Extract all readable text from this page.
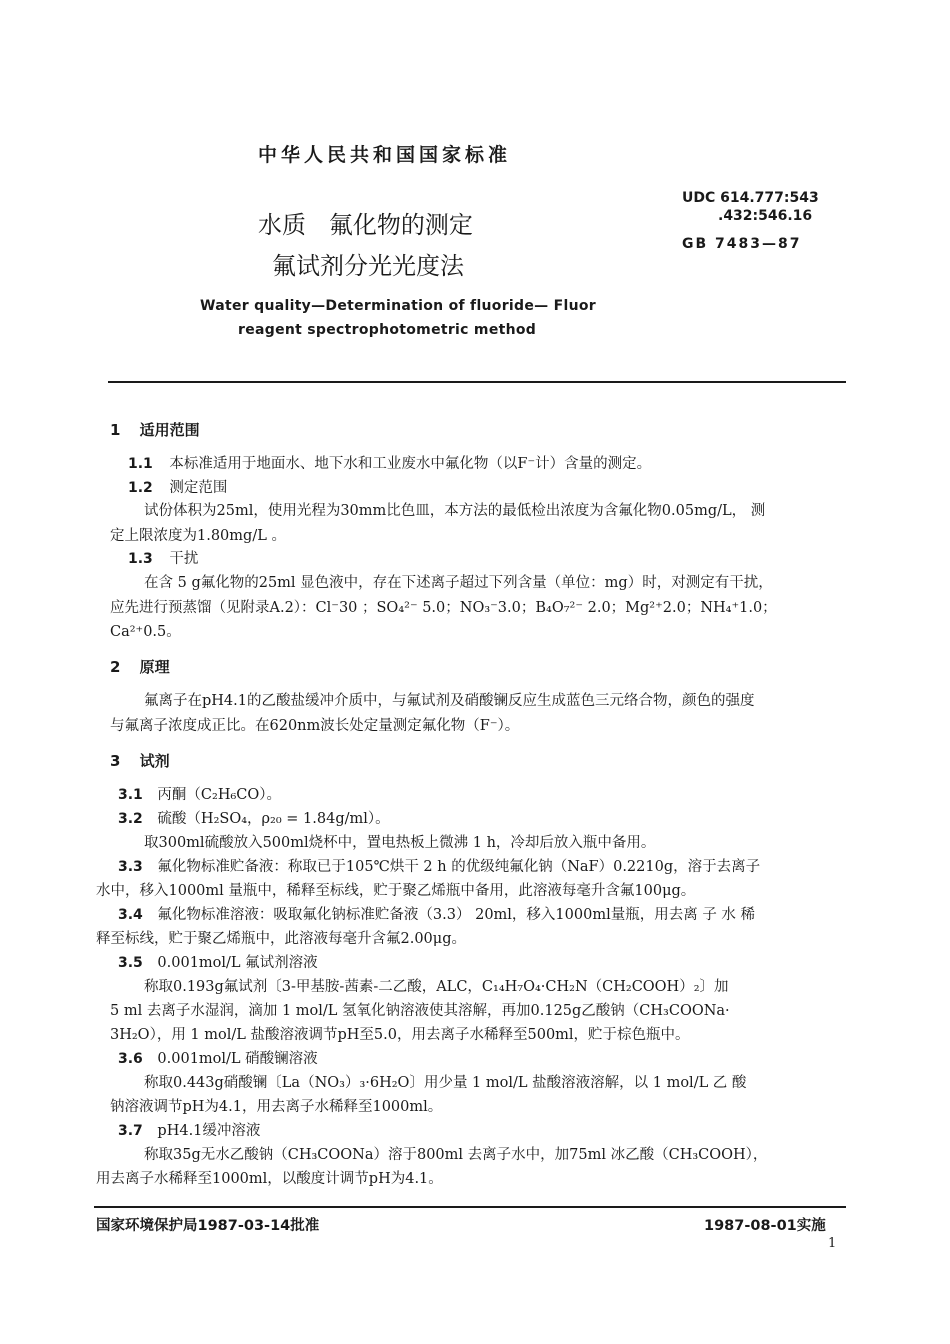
中华人民共和国国家标准
UDC 614.777:543
.432:546.16
GB 7483—87
水质   氟化物的测定
氟试剂分光光度法
Water quality—Determination of fluoride— Fluor
reagent spectrophotometric method
1 适用范围
1.1 本标准适用于地面水、地下水和工业废水中氟化物（以F⁻计）含量的测定。
1.2 测定范围
试份体积为25ml，使用光程为30mm比色皿，本方法的最低检出浓度为含氟化物0.05mg/L， 测
定上限浓度为1.80mg/L 。
1.3 干扰
在含 5 g氟化物的25ml 显色液中，存在下述离子超过下列含量（单位：mg）时，对测定有干扰，
应先进行预蒸馏（见附录A.2）：Cl⁻30 ；SO₄²⁻ 5.0；NO₃⁻3.0；B₄O₇²⁻ 2.0；Mg²⁺2.0；NH₄⁺1.0；
Ca²⁺0.5。
2 原理
氟离子在pH4.1的乙酸盐缓冲介质中，与氟试剂及硝酸镧反应生成蓝色三元络合物，颜色的强度
与氟离子浓度成正比。在620nm波长处定量测定氟化物（F⁻）。
3 试剂
3.1 丙酮（C₂H₆CO）。
3.2 硫酸（H₂SO₄，ρ₂₀ = 1.84g/ml）。
取300ml硫酸放入500ml烧杯中，置电热板上微沸 1 h，冷却后放入瓶中备用。
3.3 氟化物标准贮备液：称取已于105℃烘干 2 h 的优级纯氟化钠（NaF）0.2210g，溶于去离子
水中，移入1000ml 量瓶中，稀释至标线，贮于聚乙烯瓶中备用，此溶液每毫升含氟100μg。
3.4 氟化物标准溶液：吸取氟化钠标准贮备液（3.3） 20ml，移入1000ml量瓶，用去离 子 水 稀
释至标线，贮于聚乙烯瓶中，此溶液每毫升含氟2.00μg。
3.5 0.001mol/L 氟试剂溶液
称取0.193g氟试剂〔3-甲基胺-茜素-二乙酸，ALC，C₁₄H₇O₄·CH₂N（CH₂COOH）₂〕加
5 ml 去离子水湿润，滴加 1 mol/L 氢氧化钠溶液使其溶解，再加0.125g乙酸钠（CH₃COONa·
3H₂O），用 1 mol/L 盐酸溶液调节pH至5.0，用去离子水稀释至500ml，贮于棕色瓶中。
3.6 0.001mol/L 硝酸镧溶液
称取0.443g硝酸镧〔La（NO₃）₃·6H₂O〕用少量 1 mol/L 盐酸溶液溶解，以 1 mol/L 乙 酸
钠溶液调节pH为4.1，用去离子水稀释至1000ml。
3.7 pH4.1缓冲溶液
称取35g无水乙酸钠（CH₃COONa）溶于800ml 去离子水中，加75ml 冰乙酸（CH₃COOH），
用去离子水稀释至1000ml，以酸度计调节pH为4.1。
国家环境保护局1987-03-14批准	1987-08-01实施
1
